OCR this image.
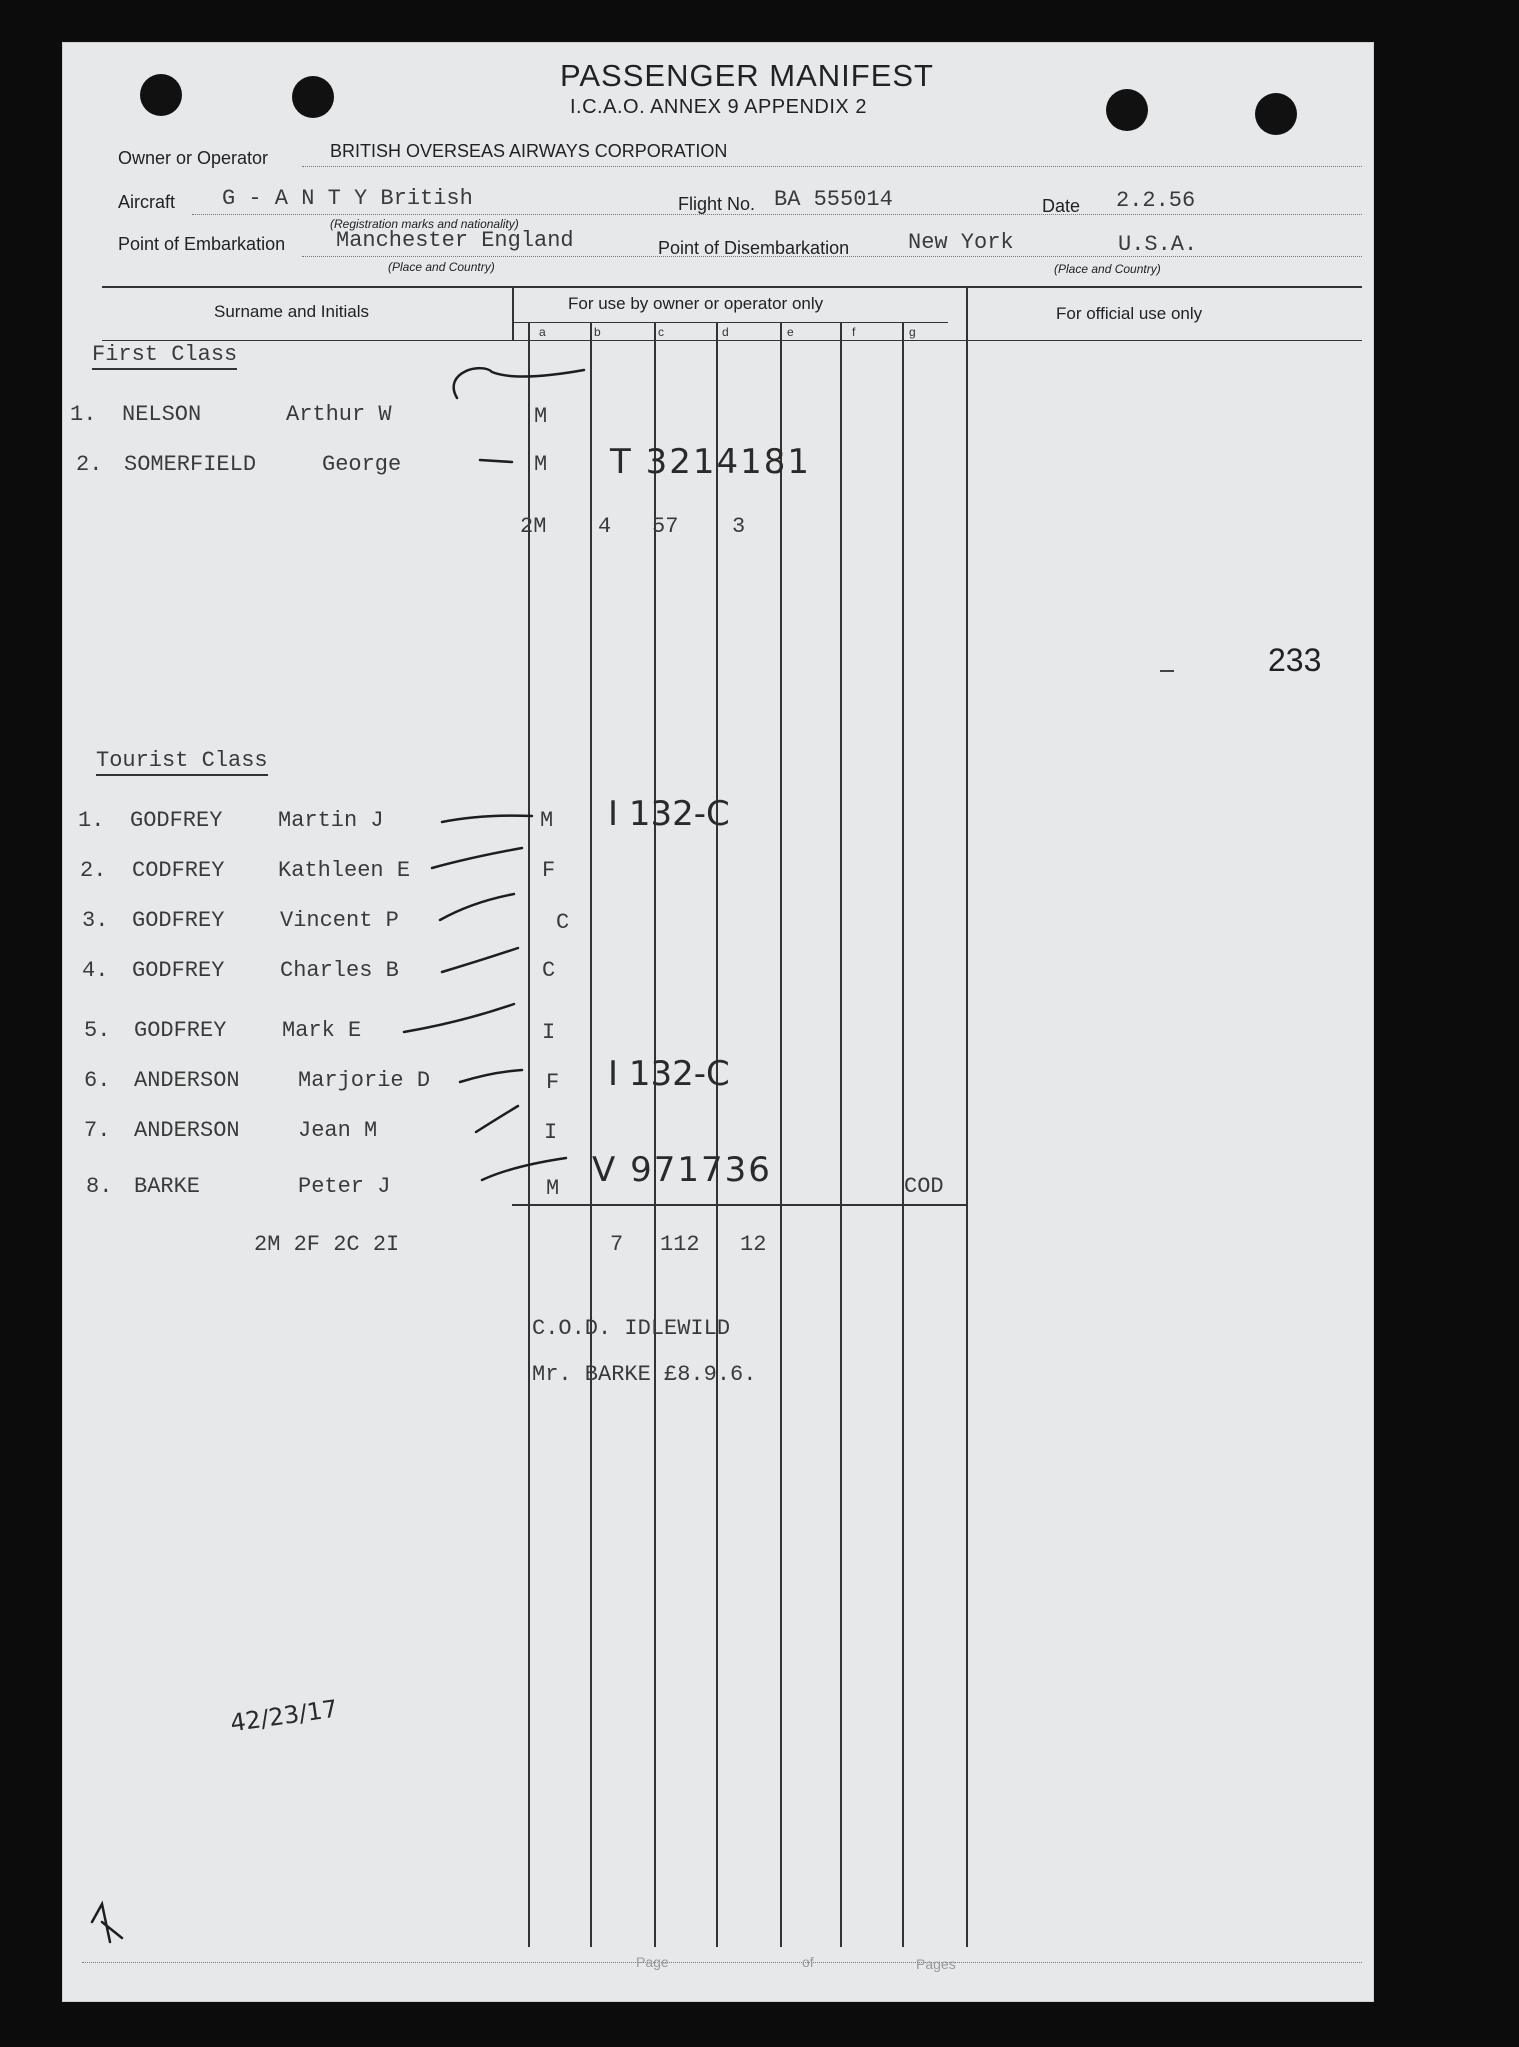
PASSENGER MANIFEST
I.C.A.O. ANNEX 9 APPENDIX 2
Owner or Operator	BRITISH OVERSEAS AIRWAYS CORPORATION
Aircraft G - A N T Y British
(Registration marks and nationality)
Flight No. BA 555014	Date 2.2.56
Point of Embarkation Manchester England
(Place and Country)
Point of Disembarkation	New York	U.S.A.
(Place and Country)
Surname and Initials	For use by owner or operator only
For official use only
a	b	c	d	e	f	g
First Class
1. NELSON	Arthur W	M
2. SOMERFIELD	George	M T 3214181
2M 4 57 3
233
Tourist Class
1. GODFREY	Martin J	M I 132-C
2. CODFREY Kathleen E	F
3. GODFREY	Vincent P	C
4. GODFREY	Charles B	C
5. GODFREY	Mark E	I
6. ANDERSON	Marjorie D	F I 132-C
7. ANDERSON	Jean M	I
8. BARKE	Peter J	M V 971736	COD
2M 2F 2C 2I	7 112 12
C.O.D. IDLEWILD
Mr. BARKE £8.9.6.
42/23/17
Page	of	Pages
